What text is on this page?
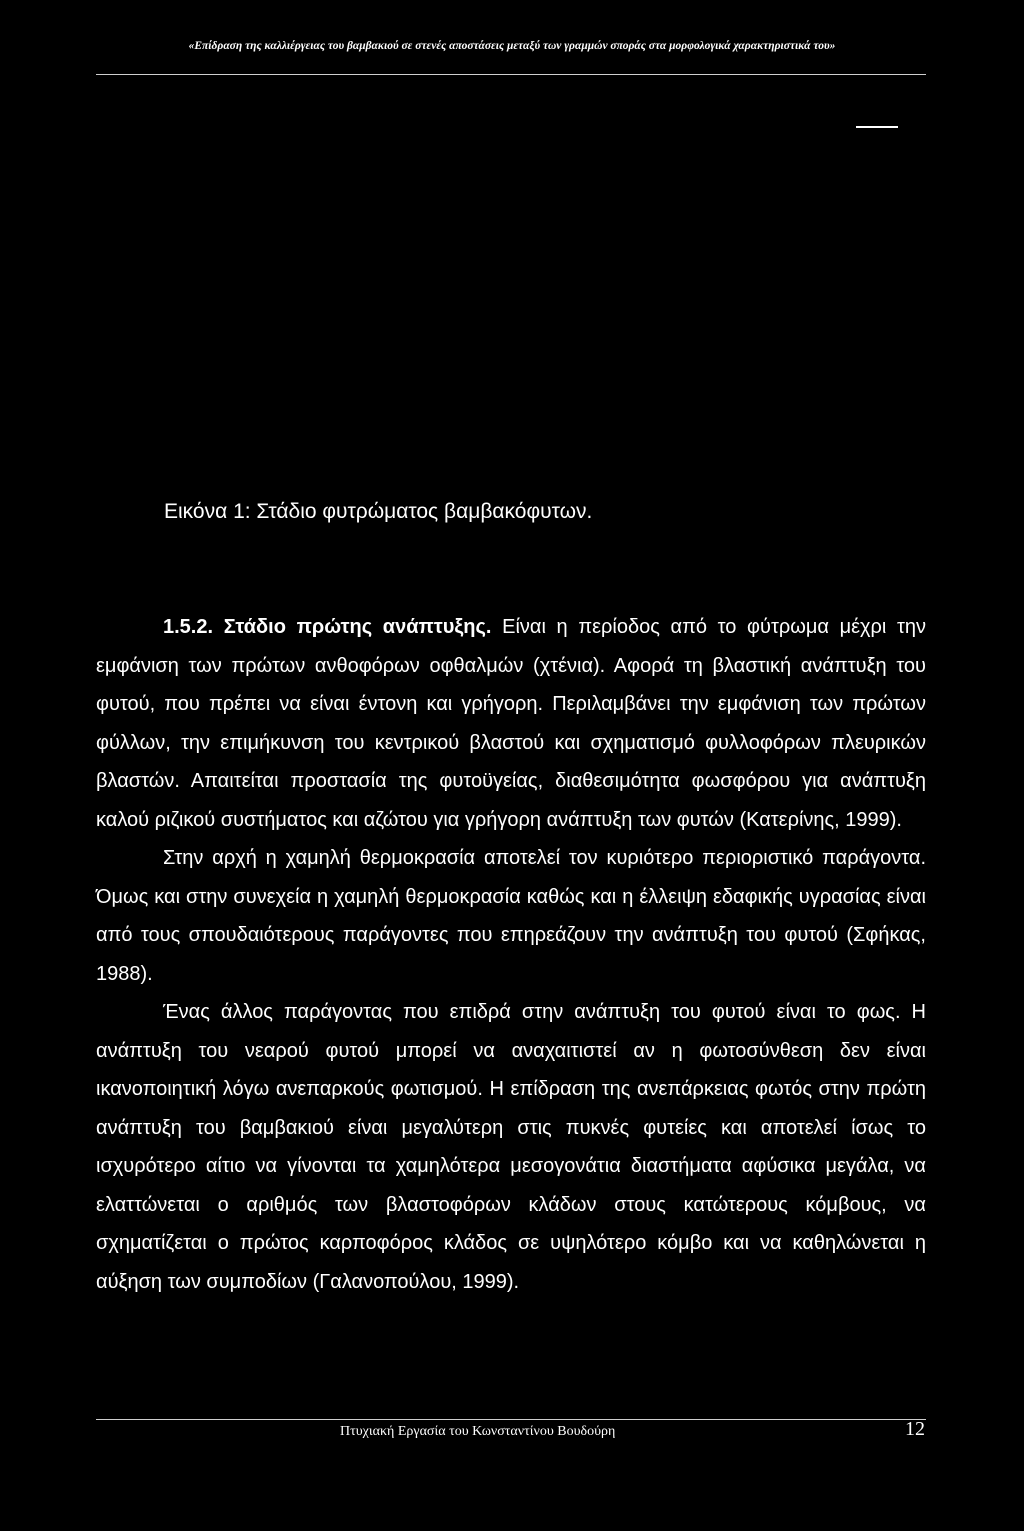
«Επίδραση της καλλιέργειας του βαμβακιού σε στενές αποστάσεις μεταξύ των γραμμών σποράς στα μορφολογικά χαρακτηριστικά του»
Εικόνα 1: Στάδιο φυτρώματος βαμβακόφυτων.

1.5.2. Στάδιο πρώτης ανάπτυξης. Είναι η περίοδος από το φύτρωμα μέχρι την εμφάνιση των πρώτων ανθοφόρων οφθαλμών (χτένια). Αφορά τη βλαστική ανάπτυξη του φυτού, που πρέπει να είναι έντονη και γρήγορη. Περιλαμβάνει την εμφάνιση των πρώτων φύλλων, την επιμήκυνση του κεντρικού βλαστού και σχηματισμό φυλλοφόρων πλευρικών βλαστών. Απαιτείται προστασία της φυτοϋγείας, διαθεσιμότητα φωσφόρου για ανάπτυξη καλού ριζικού συστήματος και αζώτου για γρήγορη ανάπτυξη των φυτών (Κατερίνης, 1999).

Στην αρχή η χαμηλή θερμοκρασία αποτελεί τον κυριότερο περιοριστικό παράγοντα. Όμως και στην συνεχεία η χαμηλή θερμοκρασία καθώς και η έλλειψη εδαφικής υγρασίας είναι από τους σπουδαιότερους παράγοντες που επηρεάζουν την ανάπτυξη του φυτού (Σφήκας, 1988).

Ένας άλλος παράγοντας που επιδρά στην ανάπτυξη του φυτού είναι το φως. Η ανάπτυξη του νεαρού φυτού μπορεί να αναχαιτιστεί αν η φωτοσύνθεση δεν είναι ικανοποιητική λόγω ανεπαρκούς φωτισμού. Η επίδραση της ανεπάρκειας φωτός στην πρώτη ανάπτυξη του βαμβακιού είναι μεγαλύτερη στις πυκνές φυτείες και αποτελεί ίσως το ισχυρότερο αίτιο να γίνονται τα χαμηλότερα μεσογονάτια διαστήματα αφύσικα μεγάλα, να ελαττώνεται ο αριθμός των βλαστοφόρων κλάδων στους κατώτερους κόμβους, να σχηματίζεται ο πρώτος καρποφόρος κλάδος σε υψηλότερο κόμβο και να καθηλώνεται η αύξηση των συμποδίων (Γαλανοπούλου, 1999).

Πτυχιακή Εργασία του Κωνσταντίνου Βουδούρη	12
